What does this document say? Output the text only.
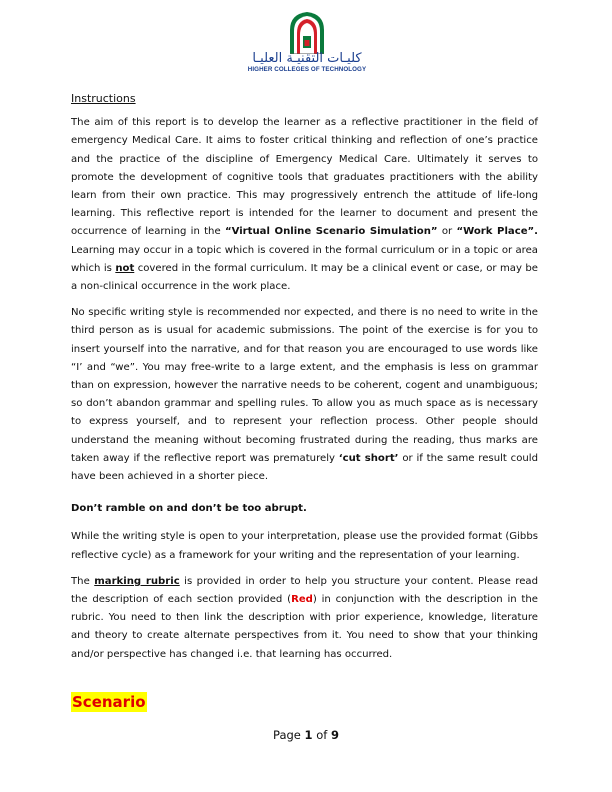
كليـات التقنيـة العليـا
HIGHER COLLEGES OF TECHNOLOGY
Instructions

The aim of this report is to develop the learner as a reflective practitioner in the field of emergency Medical Care. It aims to foster critical thinking and reflection of one’s practice and the practice of the discipline of Emergency Medical Care. Ultimately it serves to promote the development of cognitive tools that graduates practitioners with the ability learn from their own practice. This may progressively entrench the attitude of life-long learning. This reflective report is intended for the learner to document and present the occurrence of learning in the “Virtual Online Scenario Simulation” or “Work Place”. Learning may occur in a topic which is covered in the formal curriculum or in a topic or area which is not covered in the formal curriculum. It may be a clinical event or case, or may be a non-clinical occurrence in the work place.

No specific writing style is recommended nor expected, and there is no need to write in the third person as is usual for academic submissions. The point of the exercise is for you to insert yourself into the narrative, and for that reason you are encouraged to use words like “I’ and “we”. You may free-write to a large extent, and the emphasis is less on grammar than on expression, however the narrative needs to be coherent, cogent and unambiguous; so don’t abandon grammar and spelling rules. To allow you as much space as is necessary to express yourself, and to represent your reflection process. Other people should understand the meaning without becoming frustrated during the reading, thus marks are taken away if the reflective report was prematurely ‘cut short’ or if the same result could have been achieved in a shorter piece.

Don’t ramble on and don’t be too abrupt.

While the writing style is open to your interpretation, please use the provided format (Gibbs reflective cycle) as a framework for your writing and the representation of your learning.

The marking rubric is provided in order to help you structure your content. Please read the description of each section provided (Red) in conjunction with the description in the rubric. You need to then link the description with prior experience, knowledge, literature and theory to create alternate perspectives from it. You need to show that your thinking and/or perspective has changed i.e. that learning has occurred.

Scenario
Page 1 of 9
